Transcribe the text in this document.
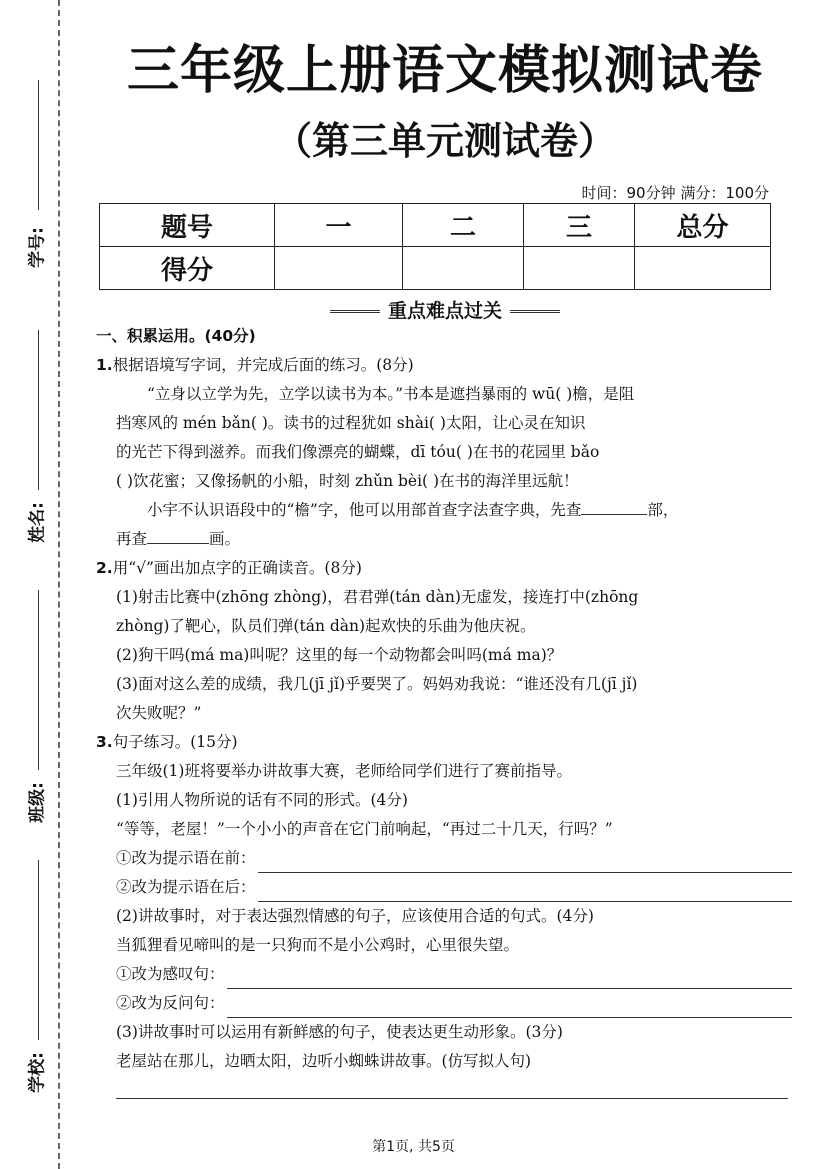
学号:
姓名:
班级:
学校:
三年级上册语文模拟测试卷
（第三单元测试卷）
时间：90分钟 满分：100分
题号	一	二	三	总分
得分				
重点难点过关

一、积累运用。(40分)

1.根据语境写字词，并完成后面的练习。(8分)

“立身以立学为先，立学以读书为本。”书本是遮挡暴雨的 wū( )檐，是阻

挡寒风的 mén bǎn( )。读书的过程犹如 shài( )太阳，让心灵在知识

的光芒下得到滋养。而我们像漂亮的蝴蝶，dī tóu( )在书的花园里 bǎo

( )饮花蜜；又像扬帆的小船，时刻 zhǔn bèi( )在书的海洋里远航！

小宇不认识语段中的“檐”字，他可以用部首查字法查字典，先查	部，

再查	画。

2.用“√”画出加点字的正确读音。(8分)

(1)射击比赛中(zhōng zhòng)，君君弹(tán dàn)无虚发，接连打中(zhōng

zhòng)了靶心，队员们弹(tán dàn)起欢快的乐曲为他庆祝。

(2)狗干吗(má ma)叫呢？这里的每一个动物都会叫吗(má ma)？

(3)面对这么差的成绩，我几(jī jǐ)乎要哭了。妈妈劝我说：“谁还没有几(jī jǐ)

次失败呢？”

3.句子练习。(15分)

三年级(1)班将要举办讲故事大赛，老师给同学们进行了赛前指导。

(1)引用人物所说的话有不同的形式。(4分)

“等等，老屋！”一个小小的声音在它门前响起，“再过二十几天，行吗？”

①改为提示语在前：
②改为提示语在后：

(2)讲故事时，对于表达强烈情感的句子，应该使用合适的句式。(4分)

当狐狸看见啼叫的是一只狗而不是小公鸡时，心里很失望。

①改为感叹句：
②改为反问句：

(3)讲故事时可以运用有新鲜感的句子，使表达更生动形象。(3分)

老屋站在那儿，边晒太阳，边听小蜘蛛讲故事。(仿写拟人句)

第1页, 共5页
